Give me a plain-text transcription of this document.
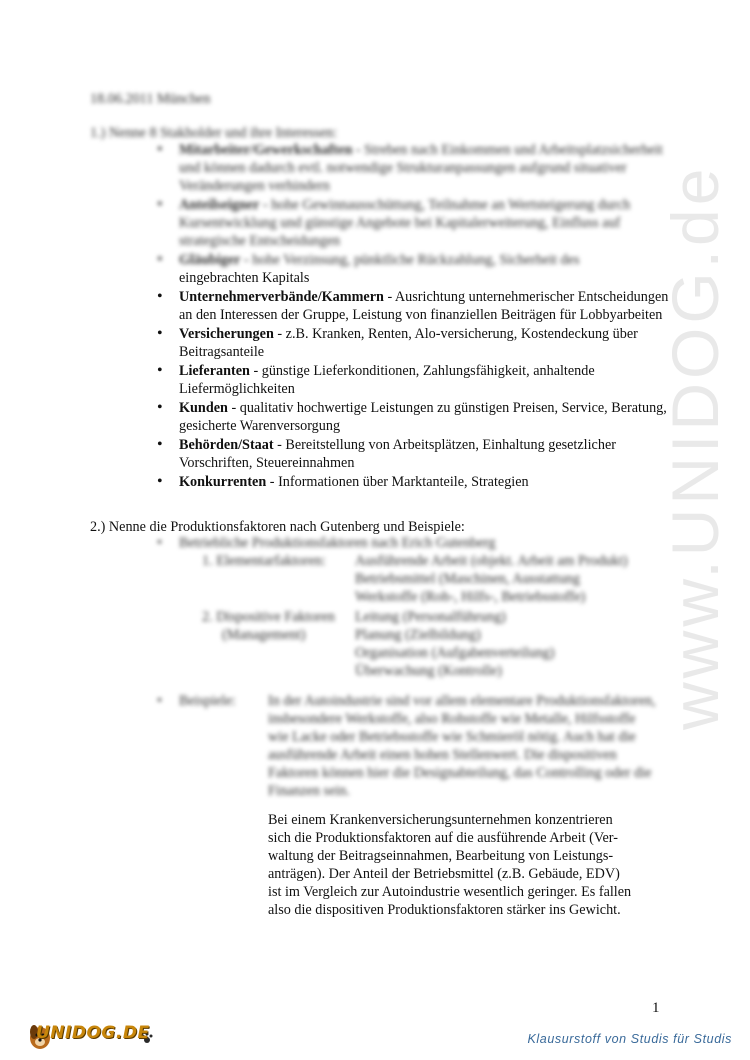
www.UNIDOG.de
18.06.2011 München
1.) Nenne 8 Stakholder und ihre Interessen:
• Mitarbeiter/Gewerkschaften - Streben nach Einkommen und Arbeitsplatzsicherheit und können dadurch evtl. notwendige Strukturanpassungen aufgrund situativer Veränderungen verhindern
• Anteilseigner - hohe Gewinnausschüttung, Teilnahme an Wertsteigerung durch Kursentwicklung und günstige Angebote bei Kapitalerweiterung, Einfluss auf strategische Entscheidungen
• Gläubiger - hohe Verzinsung, pünktliche Rückzahlung, Sicherheit des
eingebrachten Kapitals
• Unternehmerverbände/Kammern - Ausrichtung unternehmerischer Entscheidungen an den Interessen der Gruppe, Leistung von finanziellen Beiträgen für Lobbyarbeiten
• Versicherungen - z.B. Kranken, Renten, Alo-versicherung, Kostendeckung über Beitragsanteile
• Lieferanten - günstige Lieferkonditionen, Zahlungsfähigkeit, anhaltende Liefermöglichkeiten
• Kunden - qualitativ hochwertige Leistungen zu günstigen Preisen, Service, Beratung, gesicherte Warenversorgung
• Behörden/Staat - Bereitstellung von Arbeitsplätzen, Einhaltung gesetzlicher Vorschriften, Steuereinnahmen
• Konkurrenten - Informationen über Marktanteile, Strategien
2.) Nenne die Produktionsfaktoren nach Gutenberg und Beispiele:
• Betriebliche Produktionsfaktoren nach Erich Gutenberg
1. Elementarfaktoren: Ausführende Arbeit (objekt. Arbeit am Produkt)
Betriebsmittel (Maschinen, Ausstattung
Werkstoffe (Roh-, Hilfs-, Betriebsstoffe)
2. Dispositive Faktoren
(Management)
Leitung (Personalführung)
Planung (Zielbildung)
Organisation (Aufgabenverteilung)
Überwachung (Kontrolle)
• Beispiele: In der Autoindustrie sind vor allem elementare Produktionsfaktoren, insbesondere Werkstoffe, also Rohstoffe wie Metalle, Hilfsstoffe wie Lacke oder Betriebsstoffe wie Schmieröl nötig. Auch hat die ausführende Arbeit einen hohen Stellenwert. Die dispositiven Faktoren können hier die Designabteilung, das Controlling oder die Finanzen sein.
Bei einem Krankenversicherungsunternehmen konzentrieren
sich die Produktionsfaktoren auf die ausführende Arbeit (Ver-
waltung der Beitragseinnahmen, Bearbeitung von Leistungs-
anträgen). Der Anteil der Betriebsmittel (z.B. Gebäude, EDV)
ist im Vergleich zur Autoindustrie wesentlich geringer. Es fallen
also die dispositiven Produktionsfaktoren stärker ins Gewicht.
1
UNIDOG.DE	Klausurstoff von Studis für Studis
